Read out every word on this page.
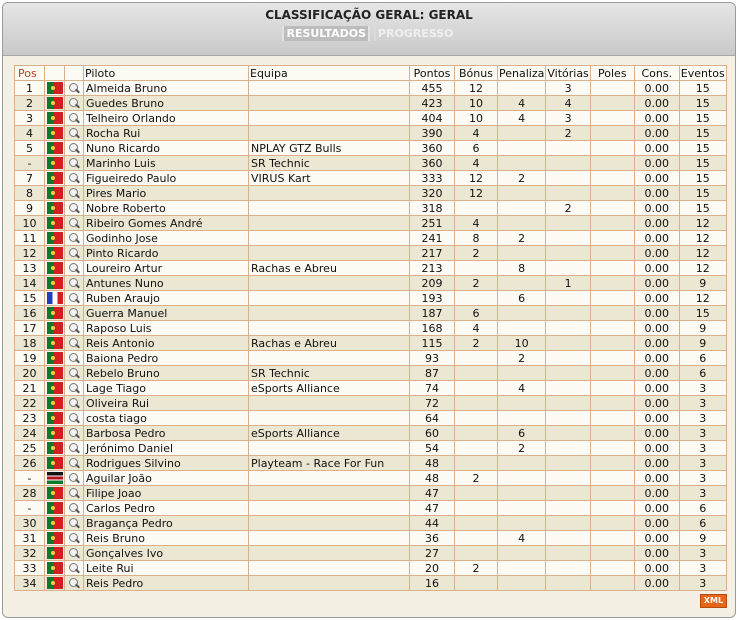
CLASSIFICAÇÃO GERAL: GERAL
RESULTADOS PROGRESSO
Pos			Piloto	Equipa	Pontos	Bónus	Penaliza	Vitórias	Poles	Cons.	Eventos
1			Almeida Bruno		455	12		3		0.00	15
2			Guedes Bruno		423	10	4	4		0.00	15
3			Telheiro Orlando		404	10	4	3		0.00	15
4			Rocha Rui		390	4		2		0.00	15
5			Nuno Ricardo	NPLAY GTZ Bulls	360	6				0.00	15
-			Marinho Luis	SR Technic	360	4				0.00	15
7			Figueiredo Paulo	VIRUS Kart	333	12	2			0.00	15
8			Pires Mario		320	12				0.00	15
9			Nobre Roberto		318			2		0.00	15
10			Ribeiro Gomes André		251	4				0.00	12
11			Godinho Jose		241	8	2			0.00	12
12			Pinto Ricardo		217	2				0.00	12
13			Loureiro Artur	Rachas e Abreu	213		8			0.00	12
14			Antunes Nuno		209	2		1		0.00	9
15			Ruben Araujo		193		6			0.00	12
16			Guerra Manuel		187	6				0.00	15
17			Raposo Luis		168	4				0.00	9
18			Reis Antonio	Rachas e Abreu	115	2	10			0.00	9
19			Baiona Pedro		93		2			0.00	6
20			Rebelo Bruno	SR Technic	87					0.00	6
21			Lage Tiago	eSports Alliance	74		4			0.00	3
22			Oliveira Rui		72					0.00	3
23			costa tiago		64					0.00	3
24			Barbosa Pedro	eSports Alliance	60		6			0.00	3
25			Jerónimo Daniel		54		2			0.00	3
26			Rodrigues Silvino	Playteam - Race For Fun	48					0.00	3
-			Aguilar João		48	2				0.00	3
28			Filipe Joao		47					0.00	3
-			Carlos Pedro		47					0.00	6
30			Bragança Pedro		44					0.00	6
31			Reis Bruno		36		4			0.00	9
32			Gonçalves Ivo		27					0.00	3
33			Leite Rui		20	2				0.00	3
34			Reis Pedro		16					0.00	3
XML
